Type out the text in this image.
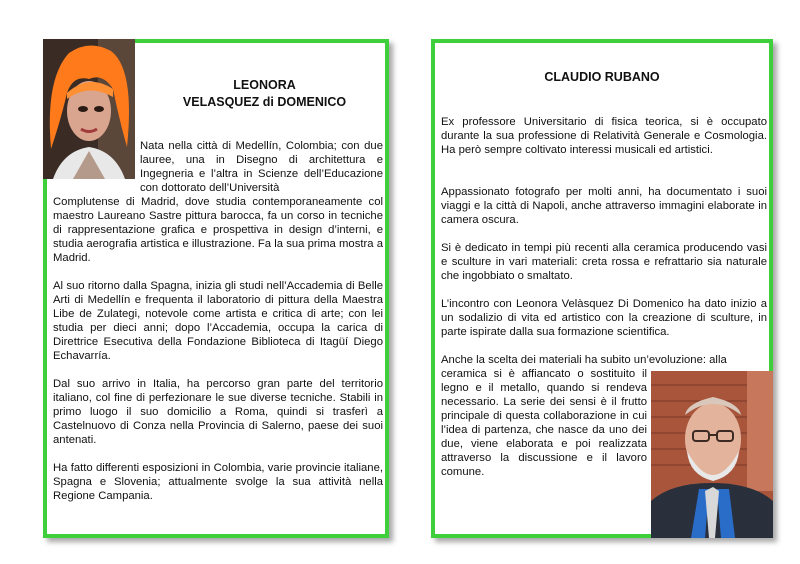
LEONORA
VELASQUEZ di DOMENICO

Nata nella città di Medellín, Colombia; con due lauree, una in Disegno di architettura e Ingegneria e l’altra in Scienze dell’Educazione con dottorato dell’Università

Complutense di Madrid, dove studia contemporaneamente col maestro Laureano Sastre pittura barocca, fa un corso in tecniche di rappresentazione grafica e prospettiva in design d’interni, e studia aerografia artistica e illustrazione. Fa la sua prima mostra a Madrid.

Al suo ritorno dalla Spagna, inizia gli studi nell’Accademia di Belle Arti di Medellín e frequenta il laboratorio di pittura della Maestra Libe de Zulategi, notevole come artista e critica di arte; con lei studia per dieci anni; dopo l’Accademia, occupa la carica di Direttrice Esecutiva della Fondazione Biblioteca di Itagüí Diego Echavarría.

Dal suo arrivo in Italia, ha percorso gran parte del territorio italiano, col fine di perfezionare le sue diverse tecniche. Stabili in primo luogo il suo domicilio a Roma, quindi si trasferì a Castelnuovo di Conza nella Provincia di Salerno, paese dei suoi antenati.

Ha fatto differenti esposizioni in Colombia, varie provincie italiane, Spagna e Slovenia; attualmente svolge la sua attività nella Regione Campania.

CLAUDIO RUBANO

Ex professore Universitario di fisica teorica, si è occupato durante la sua professione di Relatività Generale e Cosmologia. Ha però sempre coltivato interessi musicali ed artistici.

Appassionato fotografo per molti anni, ha documentato i suoi viaggi e la città di Napoli, anche attraverso immagini elaborate in camera oscura.

Si è dedicato in tempi più recenti alla ceramica producendo vasi e sculture in vari materiali: creta rossa e refrattario sia naturale che ingobbiato o smaltato.

L’incontro con Leonora Velàsquez Di Domenico ha dato inizio a un sodalizio di vita ed artistico con la creazione di sculture, in parte ispirate dalla sua formazione scientifica.

Anche la scelta dei materiali ha subito un’evoluzione: alla

ceramica si è affiancato o sostituito il legno e il metallo, quando si rendeva necessario. La serie dei sensi è il frutto principale di questa collaborazione in cui l’idea di partenza, che nasce da uno dei due, viene elaborata e poi realizzata attraverso la discussione e il lavoro comune.
